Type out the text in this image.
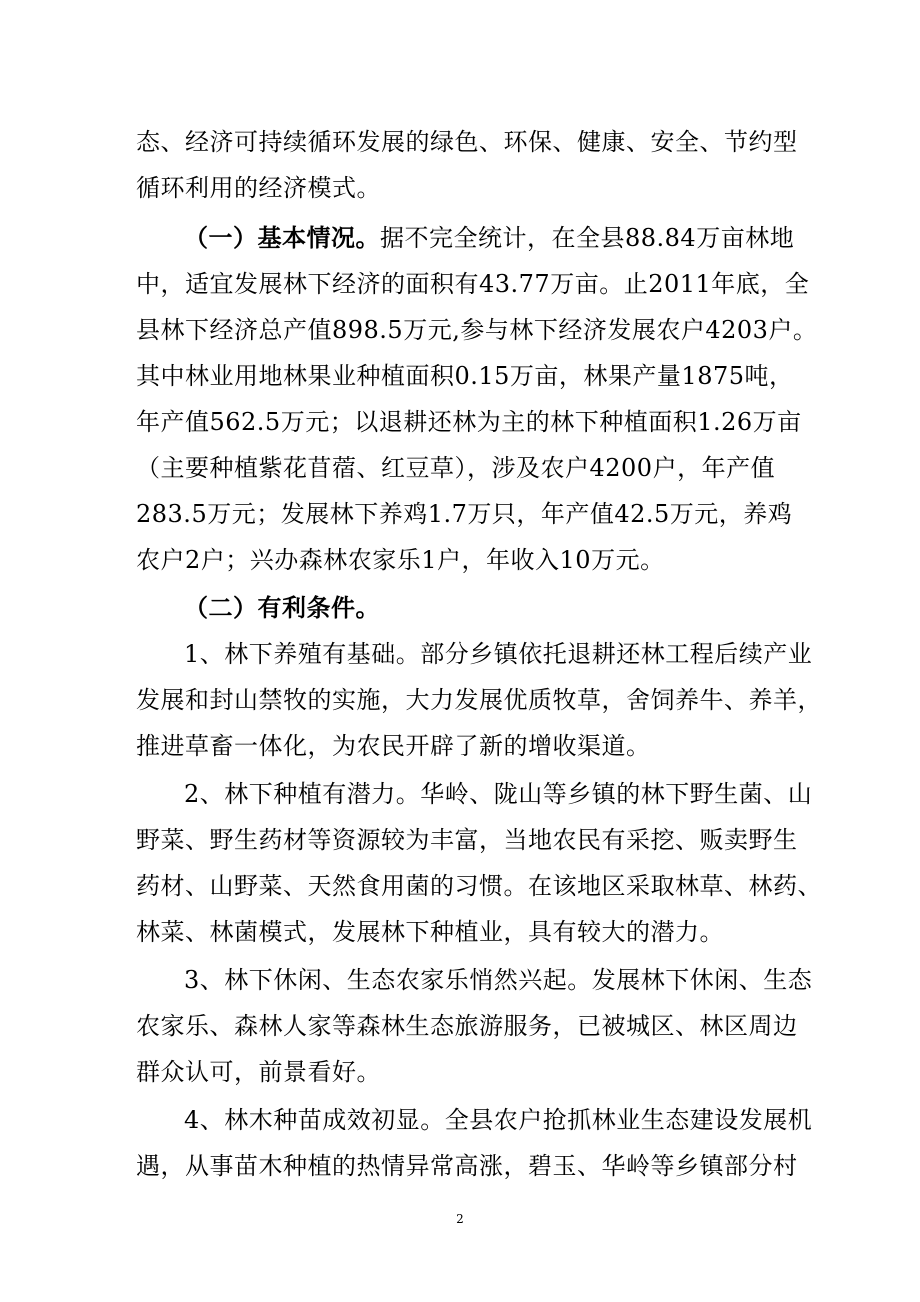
态、经济可持续循环发展的绿色、环保、健康、安全、节约型
循环利用的经济模式。
（一）基本情况。据不完全统计，在全县88.84万亩林地
中，适宜发展林下经济的面积有43.77万亩。止2011年底，全
县林下经济总产值898.5万元,参与林下经济发展农户4203户。
其中林业用地林果业种植面积0.15万亩，林果产量1875吨，
年产值562.5万元；以退耕还林为主的林下种植面积1.26万亩
（主要种植紫花苜蓿、红豆草），涉及农户4200户，年产值
283.5万元；发展林下养鸡1.7万只，年产值42.5万元，养鸡
农户2户；兴办森林农家乐1户，年收入10万元。
（二）有利条件。
1、林下养殖有基础。部分乡镇依托退耕还林工程后续产业
发展和封山禁牧的实施，大力发展优质牧草，舍饲养牛、养羊，
推进草畜一体化，为农民开辟了新的增收渠道。
2、林下种植有潜力。华岭、陇山等乡镇的林下野生菌、山
野菜、野生药材等资源较为丰富，当地农民有采挖、贩卖野生
药材、山野菜、天然食用菌的习惯。在该地区采取林草、林药、
林菜、林菌模式，发展林下种植业，具有较大的潜力。
3、林下休闲、生态农家乐悄然兴起。发展林下休闲、生态
农家乐、森林人家等森林生态旅游服务，已被城区、林区周边
群众认可，前景看好。
4、林木种苗成效初显。全县农户抢抓林业生态建设发展机
遇，从事苗木种植的热情异常高涨，碧玉、华岭等乡镇部分村
2
